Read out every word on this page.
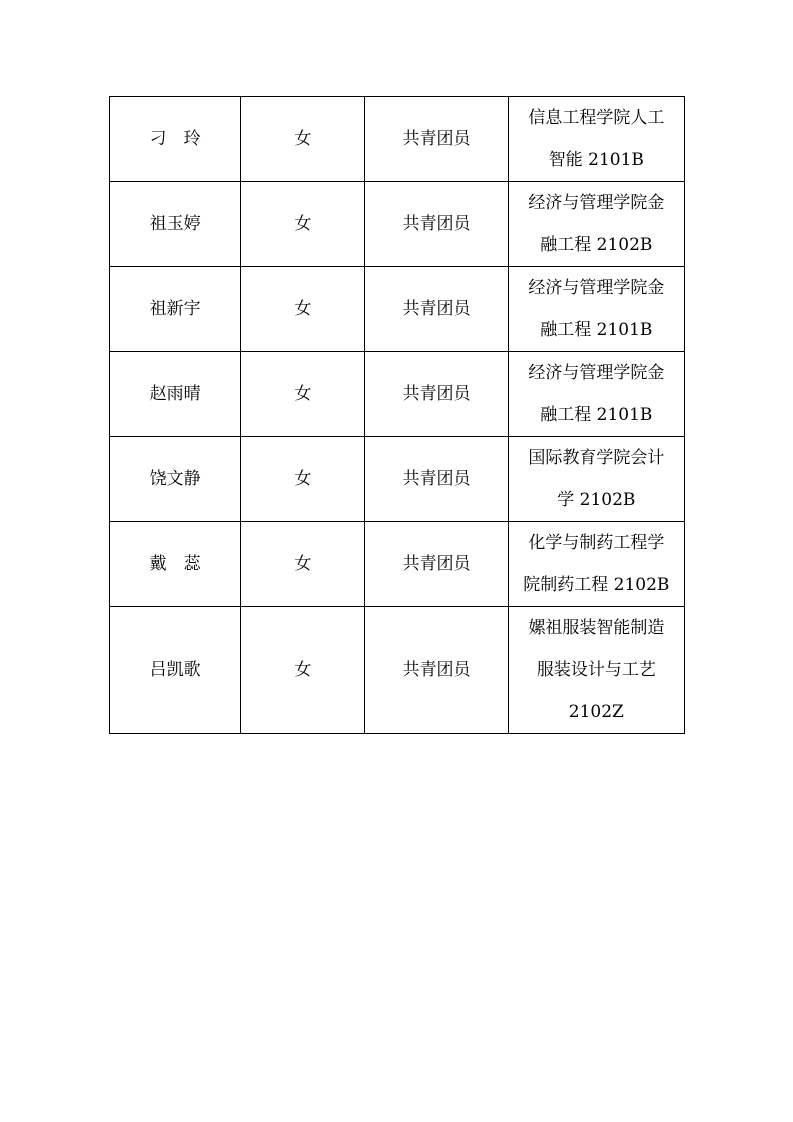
刁　玲	女	共青团员	信息工程学院人工
智能 2101B

祖玉婷	女	共青团员	经济与管理学院金
融工程 2102B

祖新宇	女	共青团员	经济与管理学院金
融工程 2101B

赵雨晴	女	共青团员	经济与管理学院金
融工程 2101B

饶文静	女	共青团员	国际教育学院会计
学 2102B

戴　蕊	女	共青团员	化学与制药工程学
院制药工程 2102B

吕凯歌	女	共青团员	嫘祖服装智能制造
服装设计与工艺
2102Z
